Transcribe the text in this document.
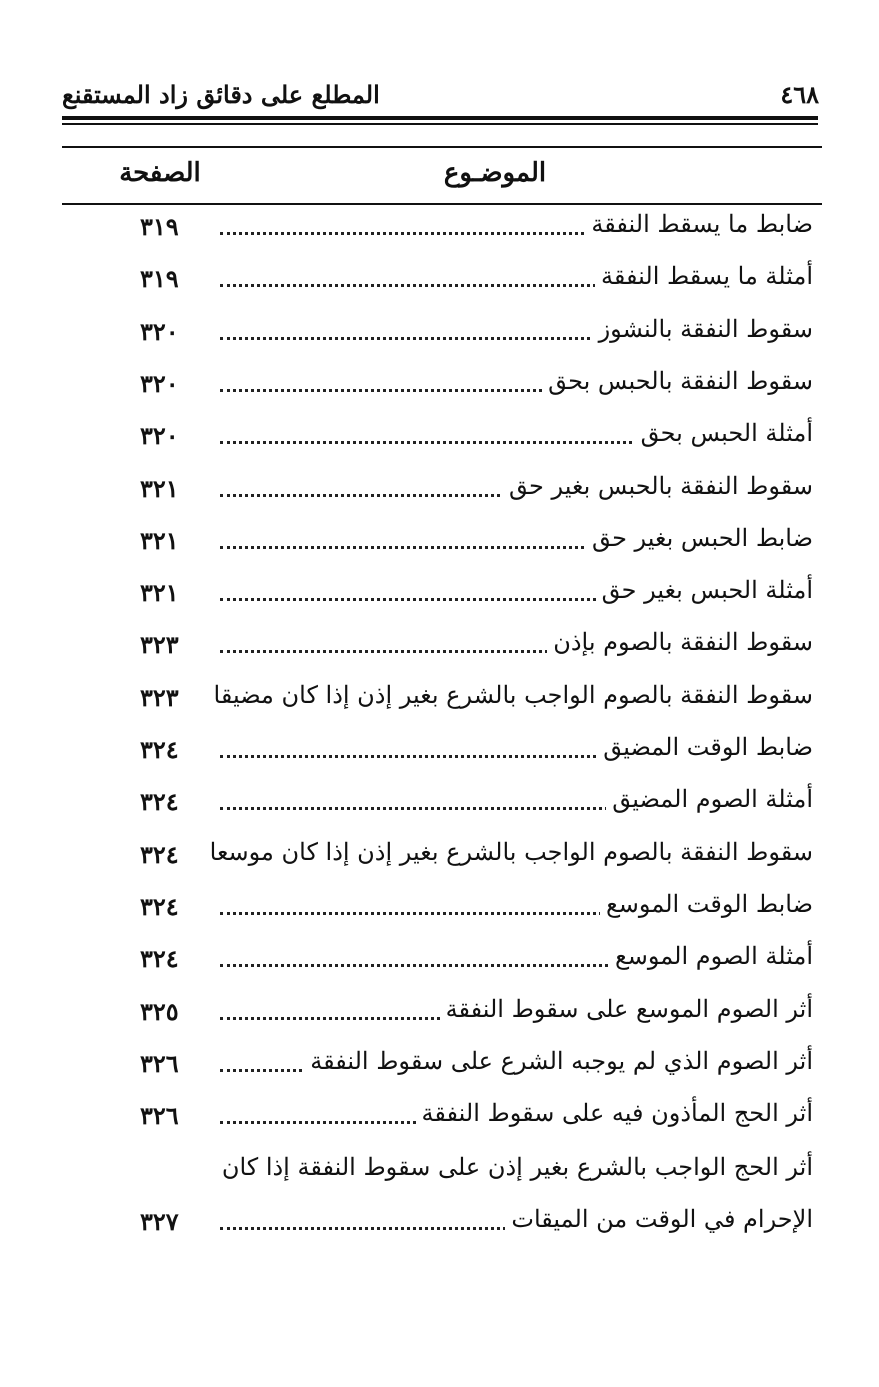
٤٦٨
المطلع على دقائق زاد المستقنع
الموضـوع
الصفحة
ضابط ما يسقط النفقة
٣١٩
أمثلة ما يسقط النفقة
٣١٩
سقوط النفقة بالنشوز
٣٢٠
سقوط النفقة بالحبس بحق
٣٢٠
أمثلة الحبس بحق
٣٢٠
سقوط النفقة بالحبس بغير حق
٣٢١
ضابط الحبس بغير حق
٣٢١
أمثلة الحبس بغير حق
٣٢١
سقوط النفقة بالصوم بإذن
٣٢٣
سقوط النفقة بالصوم الواجب بالشرع بغير إذن إذا كان مضيقا
٣٢٣
ضابط الوقت المضيق
٣٢٤
أمثلة الصوم المضيق
٣٢٤
سقوط النفقة بالصوم الواجب بالشرع بغير إذن إذا كان موسعا
٣٢٤
ضابط الوقت الموسع
٣٢٤
أمثلة الصوم الموسع
٣٢٤
أثر الصوم الموسع على سقوط النفقة
٣٢٥
أثر الصوم الذي لم يوجبه الشرع على سقوط النفقة
٣٢٦
أثر الحج المأذون فيه على سقوط النفقة
٣٢٦
أثر الحج الواجب بالشرع بغير إذن على سقوط النفقة إذا كان
الإحرام في الوقت من الميقات
٣٢٧
